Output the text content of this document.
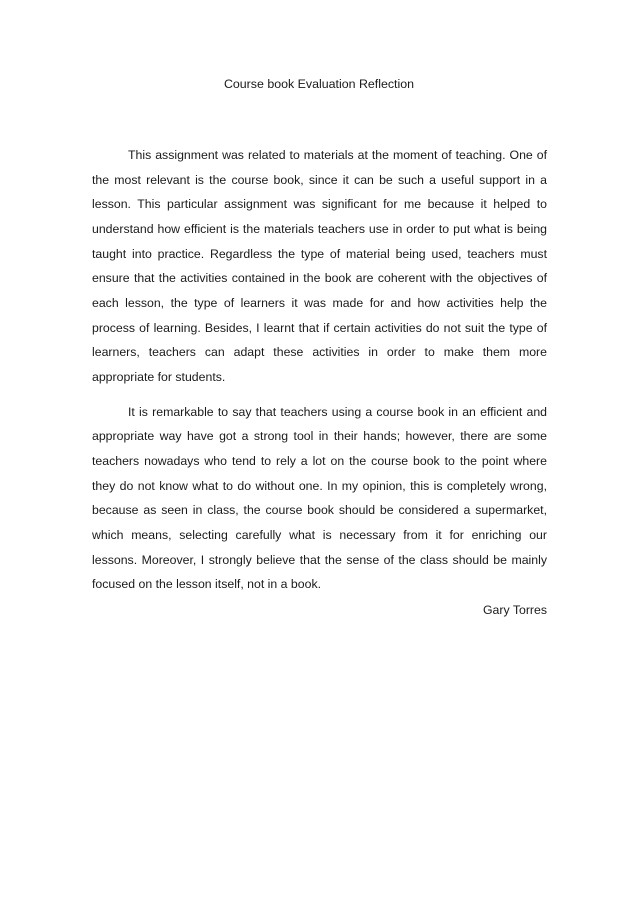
Course book Evaluation Reflection

This assignment was related to materials at the moment of teaching. One of the most relevant is the course book, since it can be such a useful support in a lesson. This particular assignment was significant for me because it helped to understand how efficient is the materials teachers use in order to put what is being taught into practice. Regardless the type of material being used, teachers must ensure that the activities contained in the book are coherent with the objectives of each lesson, the type of learners it was made for and how activities help the process of learning. Besides, I learnt that if certain activities do not suit the type of learners, teachers can adapt these activities in order to make them more appropriate for students.

It is remarkable to say that teachers using a course book in an efficient and appropriate way have got a strong tool in their hands; however, there are some teachers nowadays who tend to rely a lot on the course book to the point where they do not know what to do without one. In my opinion, this is completely wrong, because as seen in class, the course book should be considered a supermarket, which means, selecting carefully what is necessary from it for enriching our lessons. Moreover, I strongly believe that the sense of the class should be mainly focused on the lesson itself, not in a book.

Gary Torres
